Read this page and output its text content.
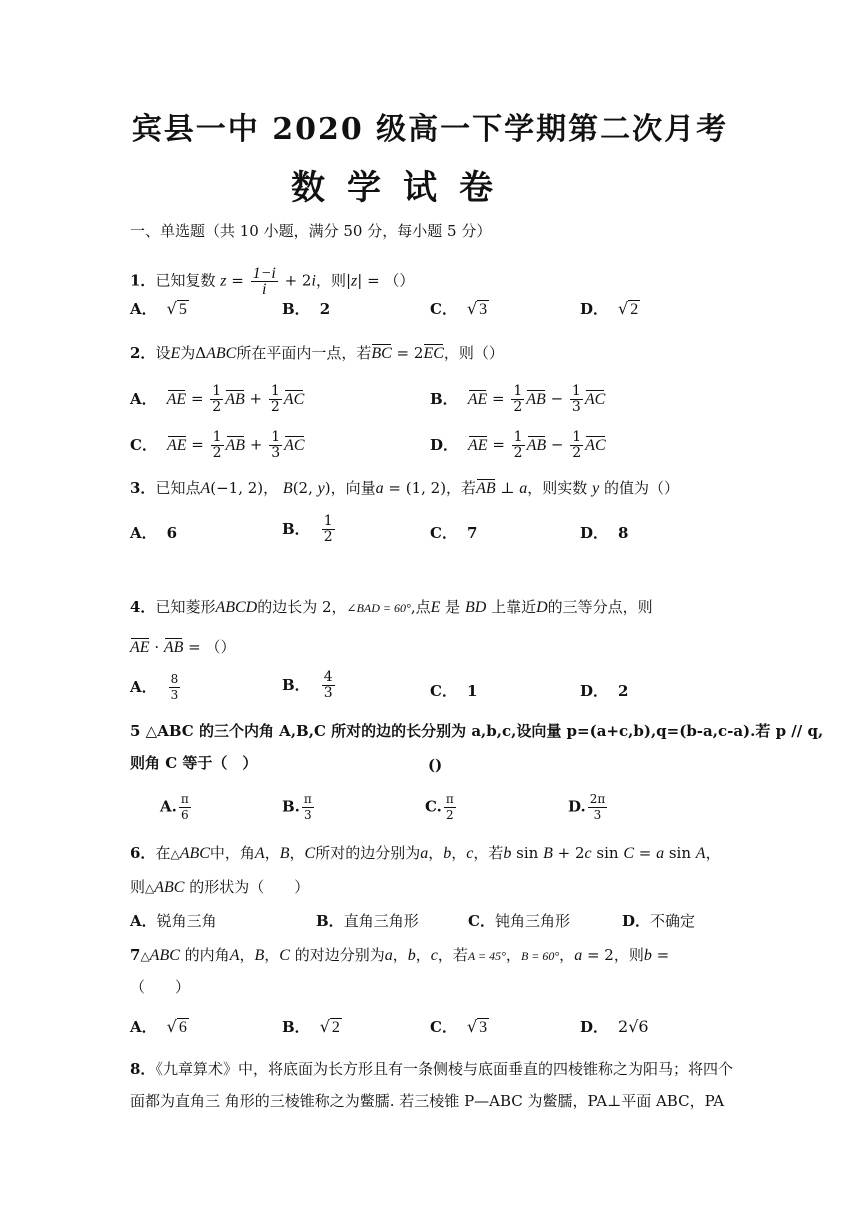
宾县一中 2020 级高一下学期第二次月考
数学试卷
一、单选题（共 10 小题，满分 50 分，每小题 5 分）
1．已知复数 $z = \frac{1-i}{i} + 2i$，则|z| = （）
A． √ 5	B． 2	C． √ 3	D． √ 2
2．设E为ΔABC所在平面内一点，若BC = 2EC，则（）
A． AE = $\frac{1}{2}$ AB + $\frac{1}{2}$ AC	B． AE = $\frac{1}{2}$ AB − $\frac{1}{3}$ AC
C． AE = $\frac{1}{2}$ AB + $\frac{1}{3}$ AC	D． AE = $\frac{1}{2}$ AB − $\frac{1}{2}$ AC
3．已知点A(−1, 2)， B(2, y)，向量a = (1, 2)，若AB ⊥ a，则实数 y 的值为（）
A． 6	B． $\frac{1}{2}$	C． 7	D． 8
4．已知菱形ABCD的边长为 2，∠BAD = 60°,点E 是 BD 上靠近D的三等分点，则
AE · AB = （）
A． $\frac{8}{3}$	B． $\frac{4}{3}$	C． 1	D． 2
5 △ABC 的三个内角 A,B,C 所对的边的长分别为 a,b,c,设向量 p=(a+c,b),q=(b-a,c-a).若 p // q,
则角 C 等于（　）	()
A. $\frac{\pi}{6}$	B. $\frac{\pi}{3}$	C. $\frac{\pi}{2}$	D. $\frac{2\pi}{3}$
6．在△ABC中，角A，B，C所对的边分别为a，b，c，若b sin B + 2c sin C = a sin A，
则△ABC 的形状为（　　）
A．锐角三角	B．直角三角形	C．钝角三角形	D．不确定
7△ABC 的内角A，B，C 的对边分别为a，b，c，若A = 45°，B = 60°，a = 2，则b =
（　　）
A． √ 6	B． √ 2	C． √ 3	D． 2√6
8．《九章算术》中，将底面为长方形且有一条侧棱与底面垂直的四棱锥称之为阳马；将四个
面都为直角三 角形的三棱锥称之为鳖臑. 若三棱锥 P—ABC 为鳖臑，PA⊥平面 ABC，PA
